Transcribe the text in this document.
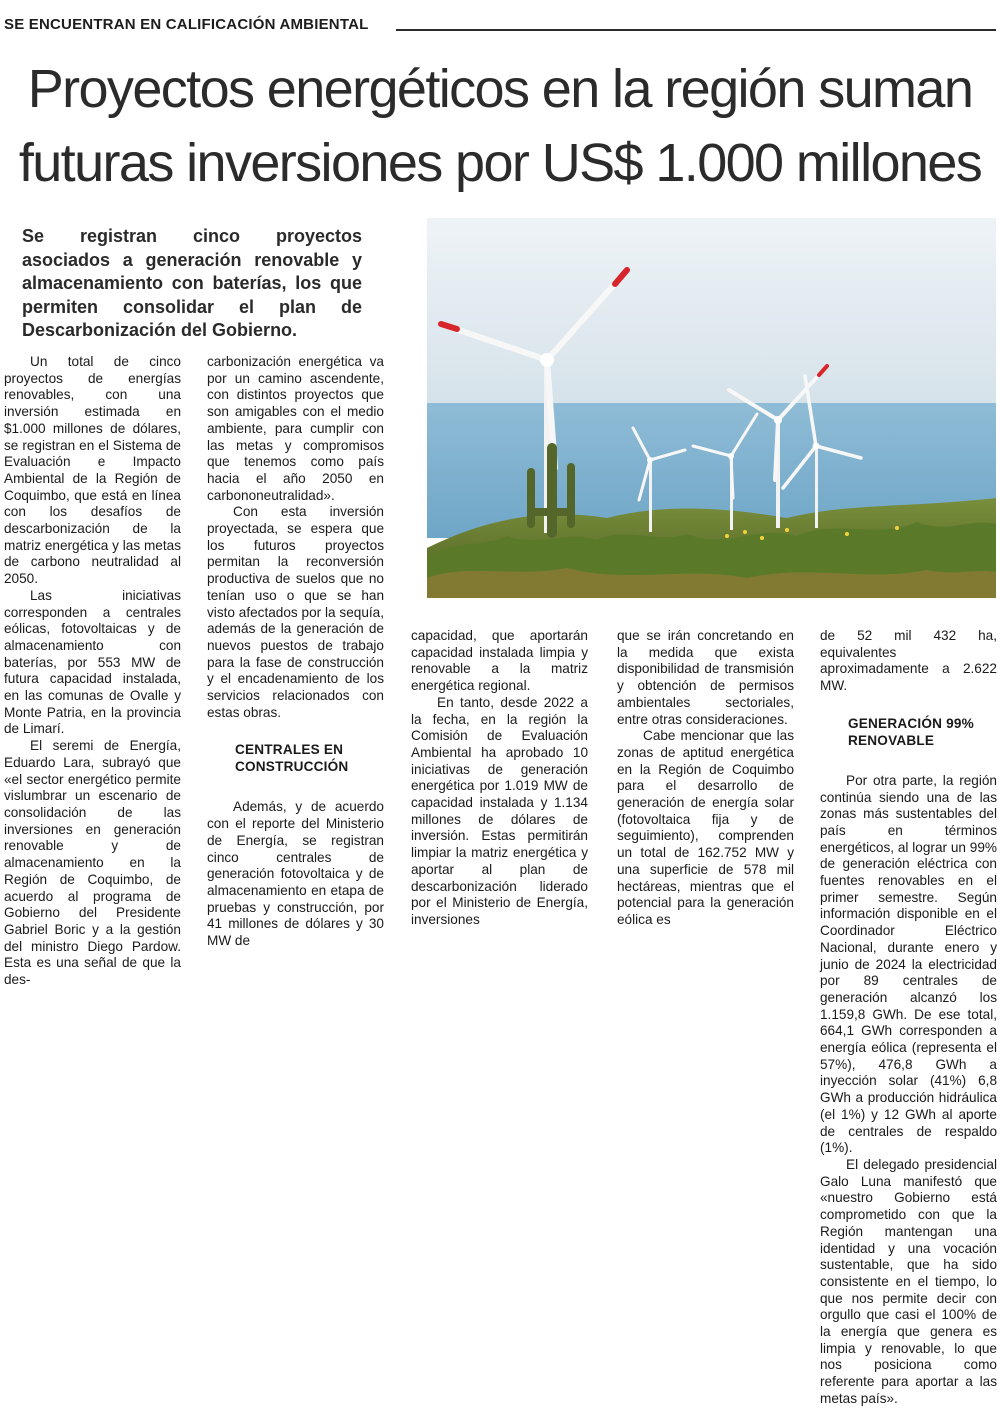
SE ENCUENTRAN EN CALIFICACIÓN AMBIENTAL
Proyectos energéticos en la región suman
futuras inversiones por US$ 1.000 millones

Se registran cinco proyectos asociados a generación renovable y almacenamiento con baterías, los que permiten consolidar el plan de Descarbonización del Gobierno.

Un total de cinco proyectos de energías renovables, con una inversión estimada en $1.000 millones de dólares, se registran en el Sistema de Evaluación e Impacto Ambiental de la Región de Coquimbo, que está en línea con los desafíos de descarbonización de la matriz energética y las metas de carbono neutralidad al 2050.

Las iniciativas corresponden a centrales eólicas, fotovoltaicas y de almacenamiento con baterías, por 553 MW de futura capacidad instalada, en las comunas de Ovalle y Monte Patria, en la provincia de Limarí.

El seremi de Energía, Eduardo Lara, subrayó que «el sector energético permite vislumbrar un escenario de consolidación de las inversiones en generación renovable y de almacenamiento en la Región de Coquimbo, de acuerdo al programa de Gobierno del Presidente Gabriel Boric y a la gestión del ministro Diego Pardow. Esta es una señal de que la des-

carbonización energética va por un camino ascendente, con distintos proyectos que son amigables con el medio ambiente, para cumplir con las metas y compromisos que tenemos como país hacia el año 2050 en carbononeutralidad».

Con esta inversión proyectada, se espera que los futuros proyectos permitan la reconversión productiva de suelos que no tenían uso o que se han visto afectados por la sequía, además de la generación de nuevos puestos de trabajo para la fase de construcción y el encadenamiento de los servicios relacionados con estas obras.

CENTRALES EN CONSTRUCCIÓN

Además, y de acuerdo con el reporte del Ministerio de Energía, se registran cinco centrales de generación fotovoltaica y de almacenamiento en etapa de pruebas y construcción, por 41 millones de dólares y 30 MW de

capacidad, que aportarán capacidad instalada limpia y renovable a la matriz energética regional.

En tanto, desde 2022 a la fecha, en la región la Comisión de Evaluación Ambiental ha aprobado 10 iniciativas de generación energética por 1.019 MW de capacidad instalada y 1.134 millones de dólares de inversión. Estas permitirán limpiar la matriz energética y aportar al plan de descarbonización liderado por el Ministerio de Energía, inversiones

que se irán concretando en la medida que exista disponibilidad de transmisión y obtención de permisos ambientales sectoriales, entre otras consideraciones.

Cabe mencionar que las zonas de aptitud energética en la Región de Coquimbo para el desarrollo de generación de energía solar (fotovoltaica fija y de seguimiento), comprenden un total de 162.752 MW y una superficie de 578 mil hectáreas, mientras que el potencial para la generación eólica es

de 52 mil 432 ha, equivalentes aproximadamente a 2.622 MW.

GENERACIÓN 99% RENOVABLE

Por otra parte, la región continúa siendo una de las zonas más sustentables del país en términos energéticos, al lograr un 99% de generación eléctrica con fuentes renovables en el primer semestre. Según información disponible en el Coordinador Eléctrico Nacional, durante enero y junio de 2024 la electricidad por 89 centrales de generación alcanzó los 1.159,8 GWh. De ese total, 664,1 GWh corresponden a energía eólica (representa el 57%), 476,8 GWh a inyección solar (41%) 6,8 GWh a producción hidráulica (el 1%) y 12 GWh al aporte de centrales de respaldo (1%).

El delegado presidencial Galo Luna manifestó que «nuestro Gobierno está comprometido con que la Región mantengan una identidad y una vocación sustentable, que ha sido consistente en el tiempo, lo que nos permite decir con orgullo que casi el 100% de la energía que genera es limpia y renovable, lo que nos posiciona como referente para aportar a las metas país».
